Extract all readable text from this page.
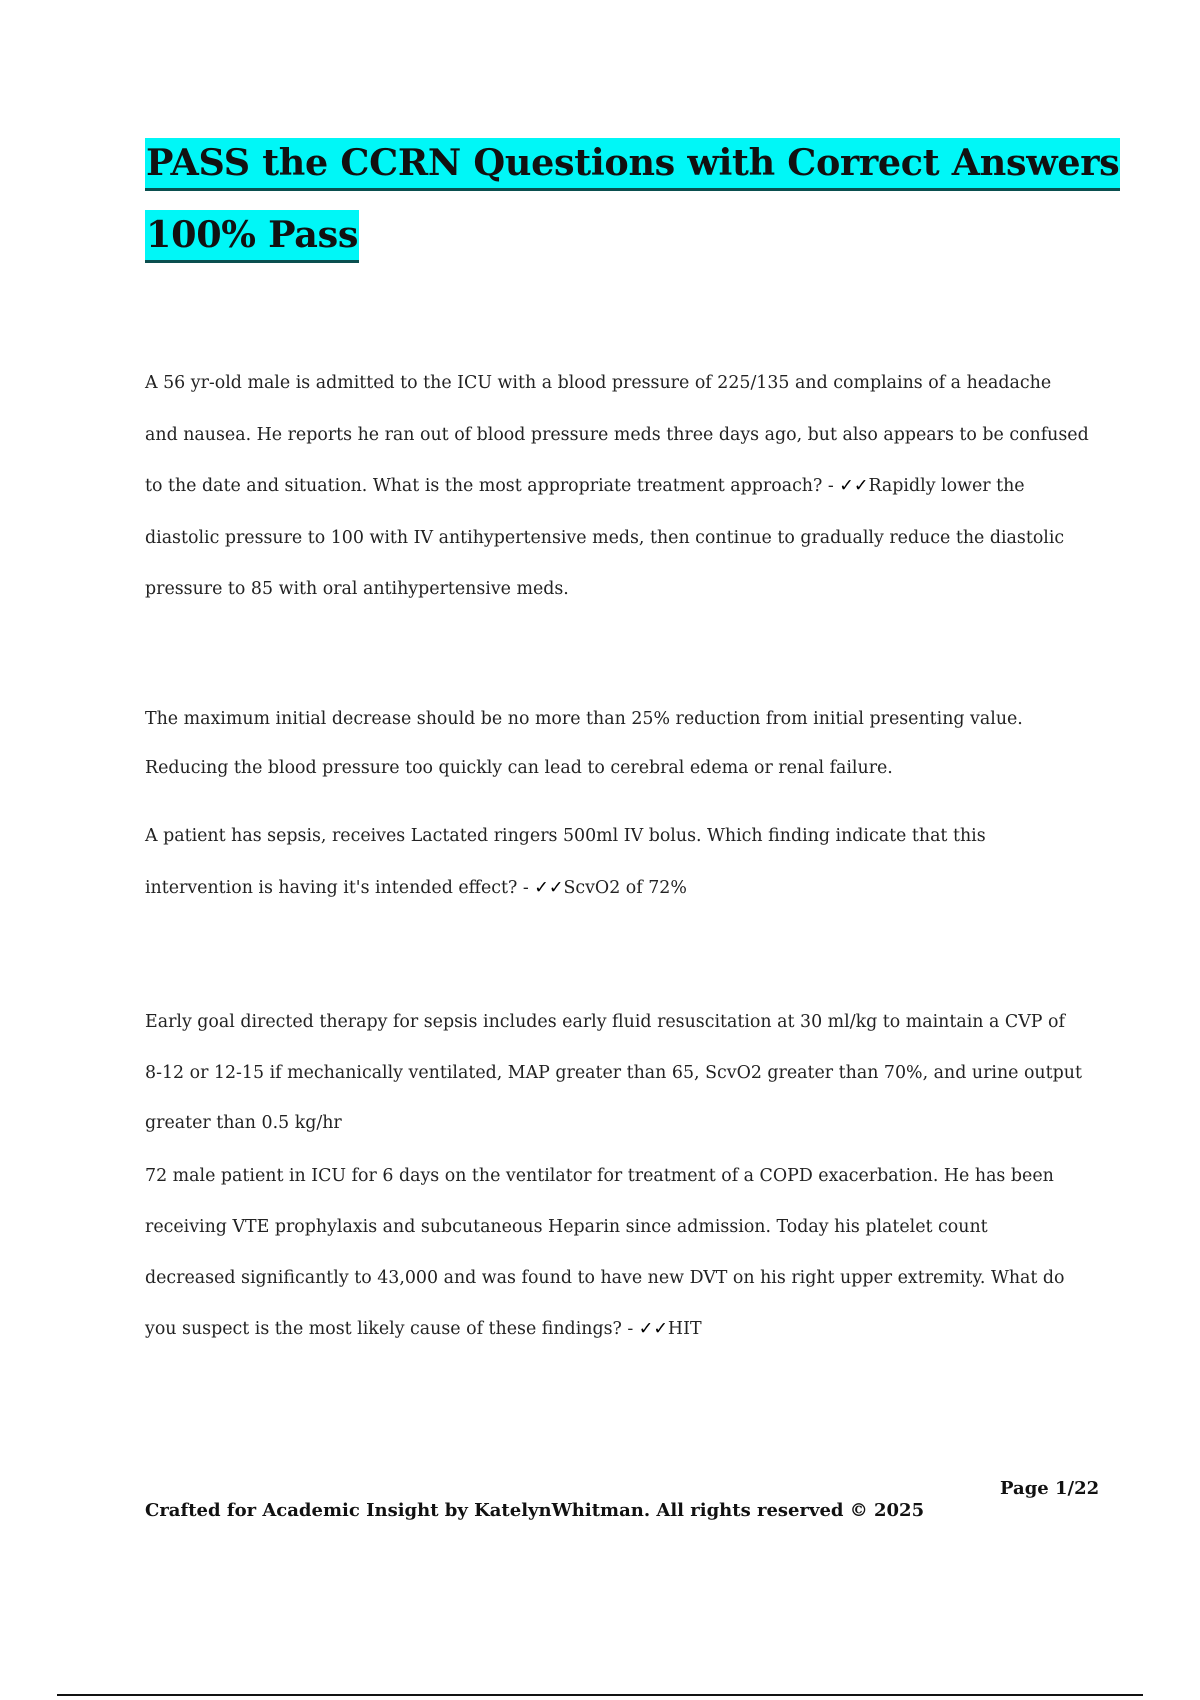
PASS the CCRN Questions with Correct Answers
100% Pass
A 56 yr-old male is admitted to the ICU with a blood pressure of 225/135 and complains of a headache
and nausea. He reports he ran out of blood pressure meds three days ago, but also appears to be confused
to the date and situation. What is the most appropriate treatment approach? - ✓✓Rapidly lower the
diastolic pressure to 100 with IV antihypertensive meds, then continue to gradually reduce the diastolic
pressure to 85 with oral antihypertensive meds.
The maximum initial decrease should be no more than 25% reduction from initial presenting value.
Reducing the blood pressure too quickly can lead to cerebral edema or renal failure.
A patient has sepsis, receives Lactated ringers 500ml IV bolus. Which finding indicate that this
intervention is having it's intended effect? - ✓✓ScvO2 of 72%
Early goal directed therapy for sepsis includes early fluid resuscitation at 30 ml/kg to maintain a CVP of
8-12 or 12-15 if mechanically ventilated, MAP greater than 65, ScvO2 greater than 70%, and urine output
greater than 0.5 kg/hr
72 male patient in ICU for 6 days on the ventilator for treatment of a COPD exacerbation. He has been
receiving VTE prophylaxis and subcutaneous Heparin since admission. Today his platelet count
decreased significantly to 43,000 and was found to have new DVT on his right upper extremity. What do
you suspect is the most likely cause of these findings? - ✓✓HIT
Page 1/22
Crafted for Academic Insight by KatelynWhitman. All rights reserved © 2025
